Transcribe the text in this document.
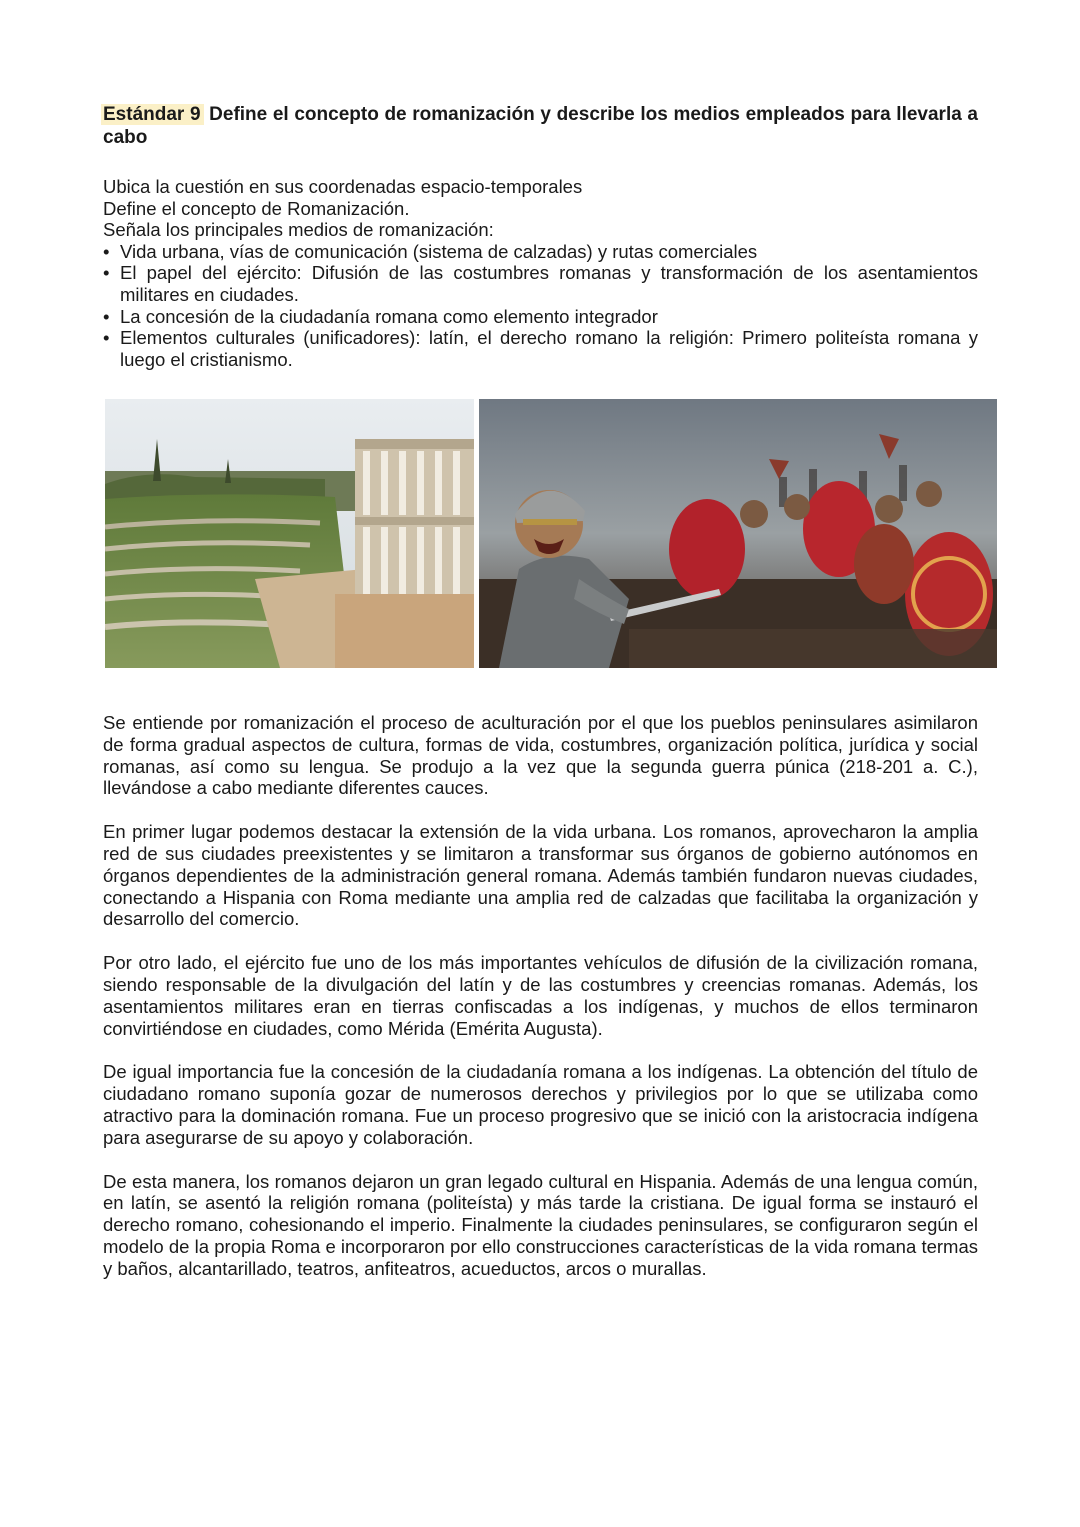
Estándar 9 Define el concepto de romanización y describe los medios empleados para llevarla a cabo

Ubica la cuestión en sus coordenadas espacio-temporales

Define el concepto de Romanización.

Señala los principales medios de romanización:

• Vida urbana, vías de comunicación (sistema de calzadas) y rutas comerciales
• El papel del ejército: Difusión de las costumbres romanas y transformación de los asentamientos militares en ciudades.
• La concesión de la ciudadanía romana como elemento integrador
• Elementos culturales (unificadores): latín, el derecho romano la religión: Primero politeísta romana y luego el cristianismo.

Se entiende por romanización el proceso de aculturación por el que los pueblos peninsulares asimilaron de forma gradual aspectos de cultura, formas de vida, costumbres, organización política, jurídica y social romanas, así como su lengua. Se produjo a la vez que la segunda guerra púnica (218-201 a. C.), llevándose a cabo mediante diferentes cauces.

En primer lugar podemos destacar la extensión de la vida urbana. Los romanos, aprovecharon la amplia red de sus ciudades preexistentes y se limitaron a transformar sus órganos de gobierno autónomos en órganos dependientes de la administración general romana. Además también fundaron nuevas ciudades, conectando a Hispania con Roma mediante una amplia red de calzadas que facilitaba la organización y desarrollo del comercio.

Por otro lado, el ejército fue uno de los más importantes vehículos de difusión de la civilización romana, siendo responsable de la divulgación del latín y de las costumbres y creencias romanas. Además, los asentamientos militares eran en tierras confiscadas a los indígenas, y muchos de ellos terminaron convirtiéndose en ciudades, como Mérida (Emérita Augusta).

De igual importancia fue la concesión de la ciudadanía romana a los indígenas. La obtención del título de ciudadano romano suponía gozar de numerosos derechos y privilegios por lo que se utilizaba como atractivo para la dominación romana. Fue un proceso progresivo que se inició con la aristocracia indígena para asegurarse de su apoyo y colaboración.

De esta manera, los romanos dejaron un gran legado cultural en Hispania. Además de una lengua común, en latín, se asentó la religión romana (politeísta) y más tarde la cristiana. De igual forma se instauró el derecho romano, cohesionando el imperio. Finalmente la ciudades peninsulares, se configuraron según el modelo de la propia Roma e incorporaron por ello construcciones características de la vida romana termas y baños, alcantarillado, teatros, anfiteatros, acueductos, arcos o murallas.
